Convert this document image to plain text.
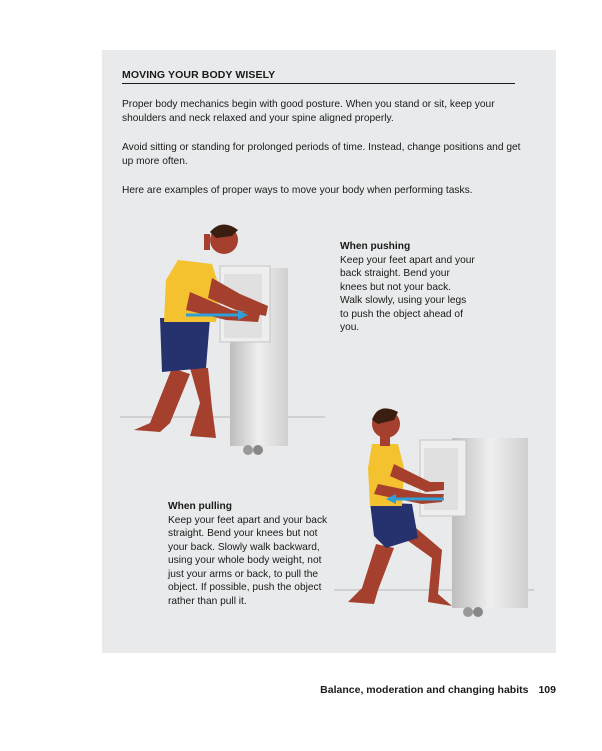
MOVING YOUR BODY WISELY
Proper body mechanics begin with good posture. When you stand or sit, keep your shoulders and neck relaxed and your spine aligned properly.
Avoid sitting or standing for prolonged periods of time. Instead, change positions and get up more often.
Here are examples of proper ways to move your body when performing tasks.
When pushing
Keep your feet apart and your back straight. Bend your knees but not your back. Walk slowly, using your legs to push the object ahead of you.
When pulling
Keep your feet apart and your back straight. Bend your knees but not your back. Slowly walk backward, using your whole body weight, not just your arms or back, to pull the object. If possible, push the object rather than pull it.
Balance, moderation and changing habits 109
